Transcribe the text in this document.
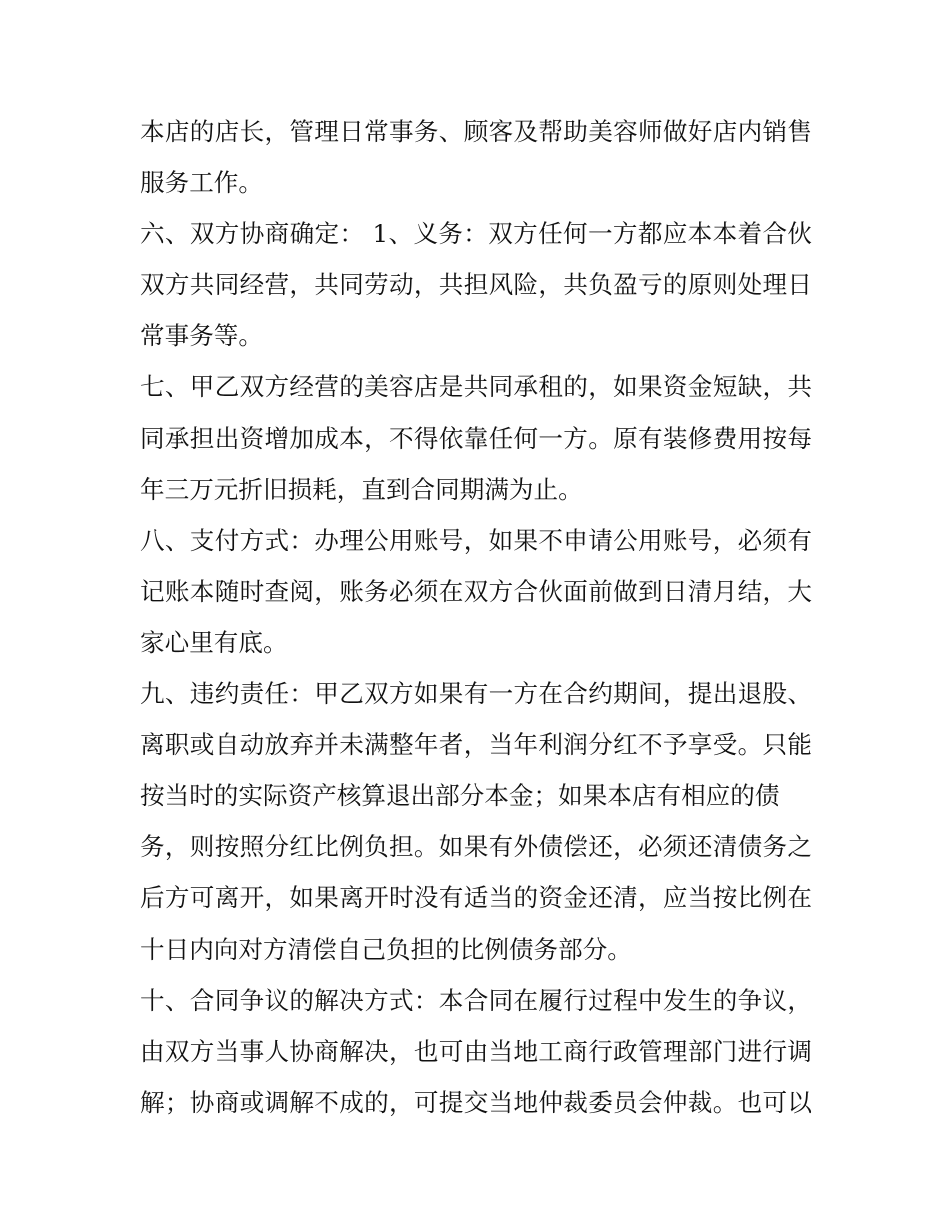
本店的店长，管理日常事务、顾客及帮助美容师做好店内销售
服务工作。
六、双方协商确定： 1、义务：双方任何一方都应本本着合伙
双方共同经营，共同劳动，共担风险，共负盈亏的原则处理日
常事务等。
七、甲乙双方经营的美容店是共同承租的，如果资金短缺，共
同承担出资增加成本，不得依靠任何一方。原有装修费用按每
年三万元折旧损耗，直到合同期满为止。
八、支付方式：办理公用账号，如果不申请公用账号，必须有
记账本随时查阅，账务必须在双方合伙面前做到日清月结，大
家心里有底。
九、违约责任：甲乙双方如果有一方在合约期间，提出退股、
离职或自动放弃并未满整年者，当年利润分红不予享受。只能
按当时的实际资产核算退出部分本金；如果本店有相应的债
务，则按照分红比例负担。如果有外债偿还，必须还清债务之
后方可离开，如果离开时没有适当的资金还清，应当按比例在
十日内向对方清偿自己负担的比例债务部分。
十、合同争议的解决方式：本合同在履行过程中发生的争议，
由双方当事人协商解决，也可由当地工商行政管理部门进行调
解；协商或调解不成的，可提交当地仲裁委员会仲裁。也可以
